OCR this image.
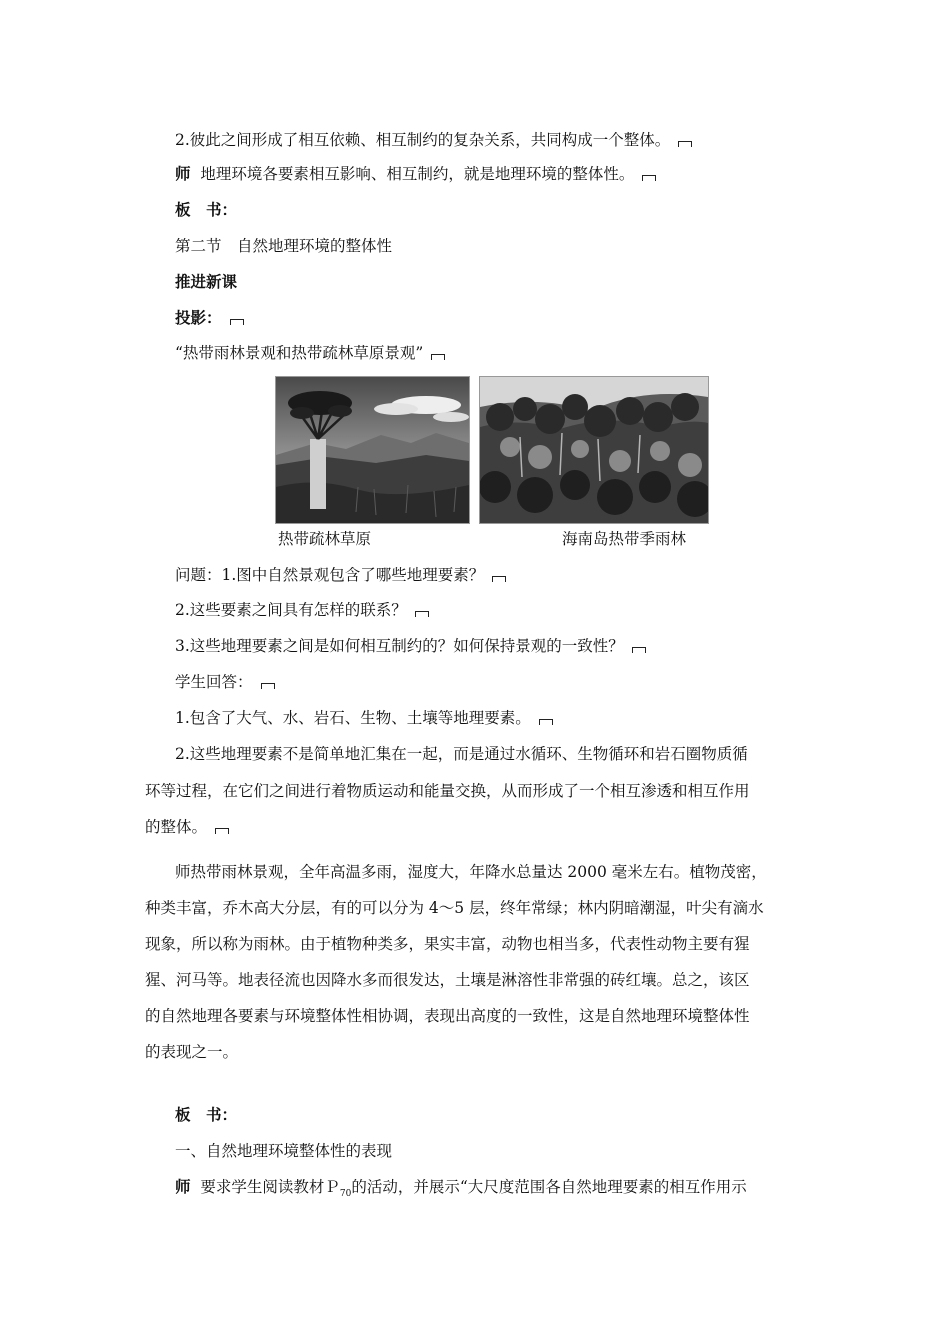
2.彼此之间形成了相互依赖、相互制约的复杂关系，共同构成一个整体。
师 地理环境各要素相互影响、相互制约，就是地理环境的整体性。
板　书：
第二节　自然地理环境的整体性
推进新课
投影：
“热带雨林景观和热带疏林草原景观”
热带疏林草原	海南岛热带季雨林
问题：1.图中自然景观包含了哪些地理要素？
2.这些要素之间具有怎样的联系？
3.这些地理要素之间是如何相互制约的？如何保持景观的一致性？
学生回答：
1.包含了大气、水、岩石、生物、土壤等地理要素。
2.这些地理要素不是简单地汇集在一起，而是通过水循环、生物循环和岩石圈物质循
环等过程，在它们之间进行着物质运动和能量交换，从而形成了一个相互渗透和相互作用
的整体。
师热带雨林景观，全年高温多雨，湿度大，年降水总量达 2000 毫米左右。植物茂密，
种类丰富，乔木高大分层，有的可以分为 4～5 层，终年常绿；林内阴暗潮湿，叶尖有滴水
现象，所以称为雨林。由于植物种类多，果实丰富，动物也相当多，代表性动物主要有猩
猩、河马等。地表径流也因降水多而很发达，土壤是淋溶性非常强的砖红壤。总之，该区
的自然地理各要素与环境整体性相协调，表现出高度的一致性，这是自然地理环境整体性
的表现之一。
板　书：
一、自然地理环境整体性的表现
师 要求学生阅读教材Ｐ$_{70}$的活动，并展示“大尺度范围各自然地理要素的相互作用示
